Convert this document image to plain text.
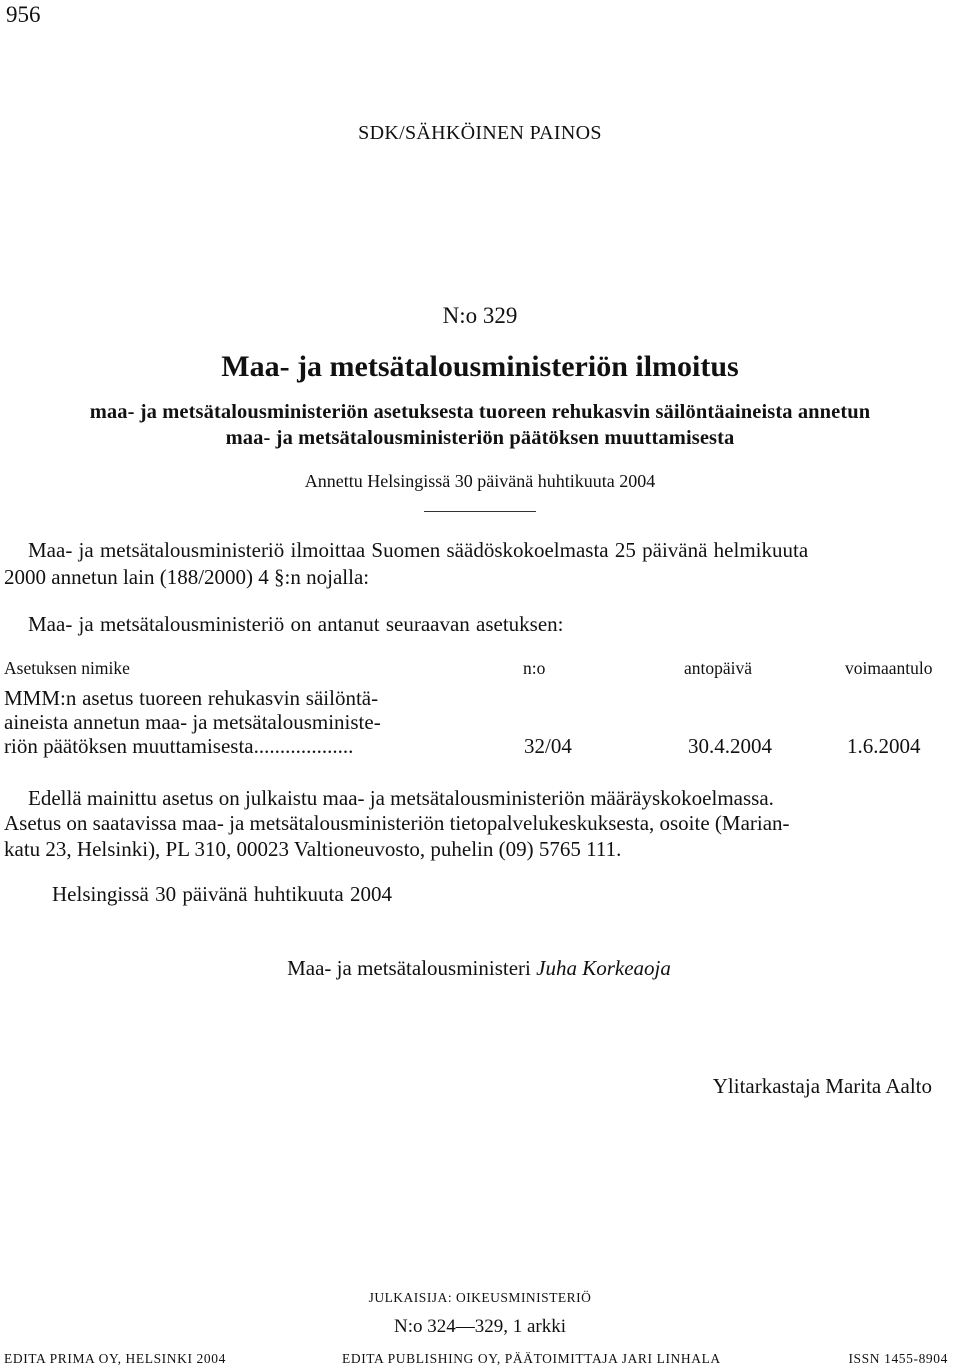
956
SDK/SÄHKÖINEN PAINOS
N:o 329
Maa- ja metsätalousministeriön ilmoitus
maa- ja metsätalousministeriön asetuksesta tuoreen rehukasvin säilöntäaineista annetun
maa- ja metsätalousministeriön päätöksen muuttamisesta
Annettu Helsingissä 30 päivänä huhtikuuta 2004
Maa- ja metsätalousministeriö ilmoittaa Suomen säädöskokoelmasta 25 päivänä helmikuuta
2000 annetun lain (188/2000) 4 §:n nojalla:
Maa- ja metsätalousministeriö on antanut seuraavan asetuksen:
Asetuksen nimike	n:o	antopäivä	voimaantulo
MMM:n asetus tuoreen rehukasvin säilöntä-
aineista annetun maa- ja metsätalousministe-
riön päätöksen muuttamisesta...................	32/04	30.4.2004	1.6.2004
Edellä mainittu asetus on julkaistu maa- ja metsätalousministeriön määräyskokoelmassa.
Asetus on saatavissa maa- ja metsätalousministeriön tietopalvelukeskuksesta, osoite (Marian-
katu 23, Helsinki), PL 310, 00023 Valtioneuvosto, puhelin (09) 5765 111.
Helsingissä 30 päivänä huhtikuuta 2004
Maa- ja metsätalousministeri Juha Korkeaoja
Ylitarkastaja Marita Aalto
JULKAISIJA: OIKEUSMINISTERIÖ
N:o 324—329, 1 arkki
EDITA PRIMA OY, HELSINKI 2004	EDITA PUBLISHING OY, PÄÄTOIMITTAJA JARI LINHALA	ISSN 1455-8904
